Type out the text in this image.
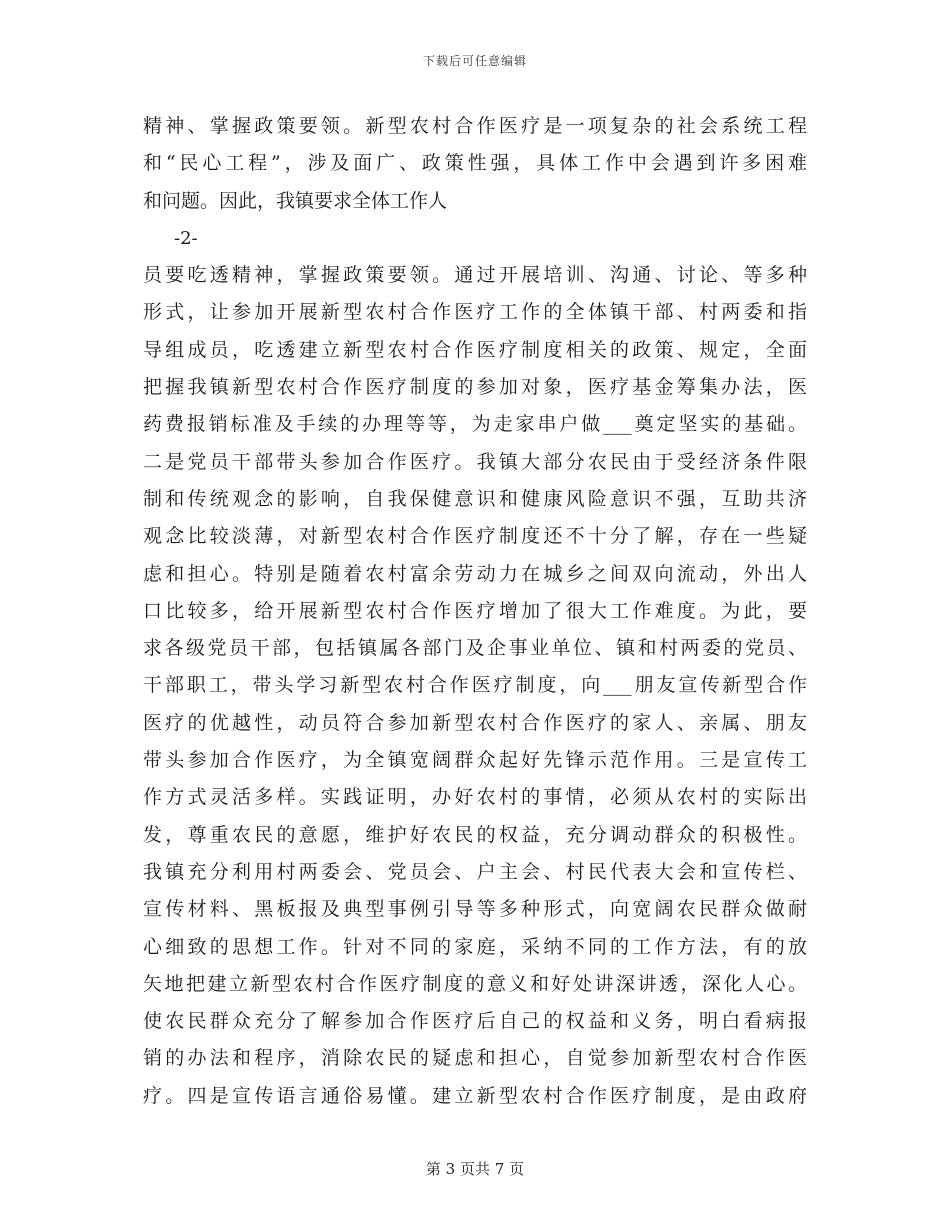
下载后可任意编辑
精神、掌握政策要领。新型农村合作医疗是一项复杂的社会系统工程
和“民心工程”，涉及面广、政策性强，具体工作中会遇到许多困难
和问题。因此，我镇要求全体工作人
-2-
员要吃透精神，掌握政策要领。通过开展培训、沟通、讨论、等多种
形式，让参加开展新型农村合作医疗工作的全体镇干部、村两委和指
导组成员，吃透建立新型农村合作医疗制度相关的政策、规定，全面
把握我镇新型农村合作医疗制度的参加对象，医疗基金筹集办法，医
药费报销标准及手续的办理等等，为走家串户做___奠定坚实的基础。
二是党员干部带头参加合作医疗。我镇大部分农民由于受经济条件限
制和传统观念的影响，自我保健意识和健康风险意识不强，互助共济
观念比较淡薄，对新型农村合作医疗制度还不十分了解，存在一些疑
虑和担心。特别是随着农村富余劳动力在城乡之间双向流动，外出人
口比较多，给开展新型农村合作医疗增加了很大工作难度。为此，要
求各级党员干部，包括镇属各部门及企事业单位、镇和村两委的党员、
干部职工，带头学习新型农村合作医疗制度，向___朋友宣传新型合作
医疗的优越性，动员符合参加新型农村合作医疗的家人、亲属、朋友
带头参加合作医疗，为全镇宽阔群众起好先锋示范作用。三是宣传工
作方式灵活多样。实践证明，办好农村的事情，必须从农村的实际出
发，尊重农民的意愿，维护好农民的权益，充分调动群众的积极性。
我镇充分利用村两委会、党员会、户主会、村民代表大会和宣传栏、
宣传材料、黑板报及典型事例引导等多种形式，向宽阔农民群众做耐
心细致的思想工作。针对不同的家庭，采纳不同的工作方法，有的放
矢地把建立新型农村合作医疗制度的意义和好处讲深讲透，深化人心。
使农民群众充分了解参加合作医疗后自己的权益和义务，明白看病报
销的办法和程序，消除农民的疑虑和担心，自觉参加新型农村合作医
疗。四是宣传语言通俗易懂。建立新型农村合作医疗制度，是由政府
第 3 页共 7 页
